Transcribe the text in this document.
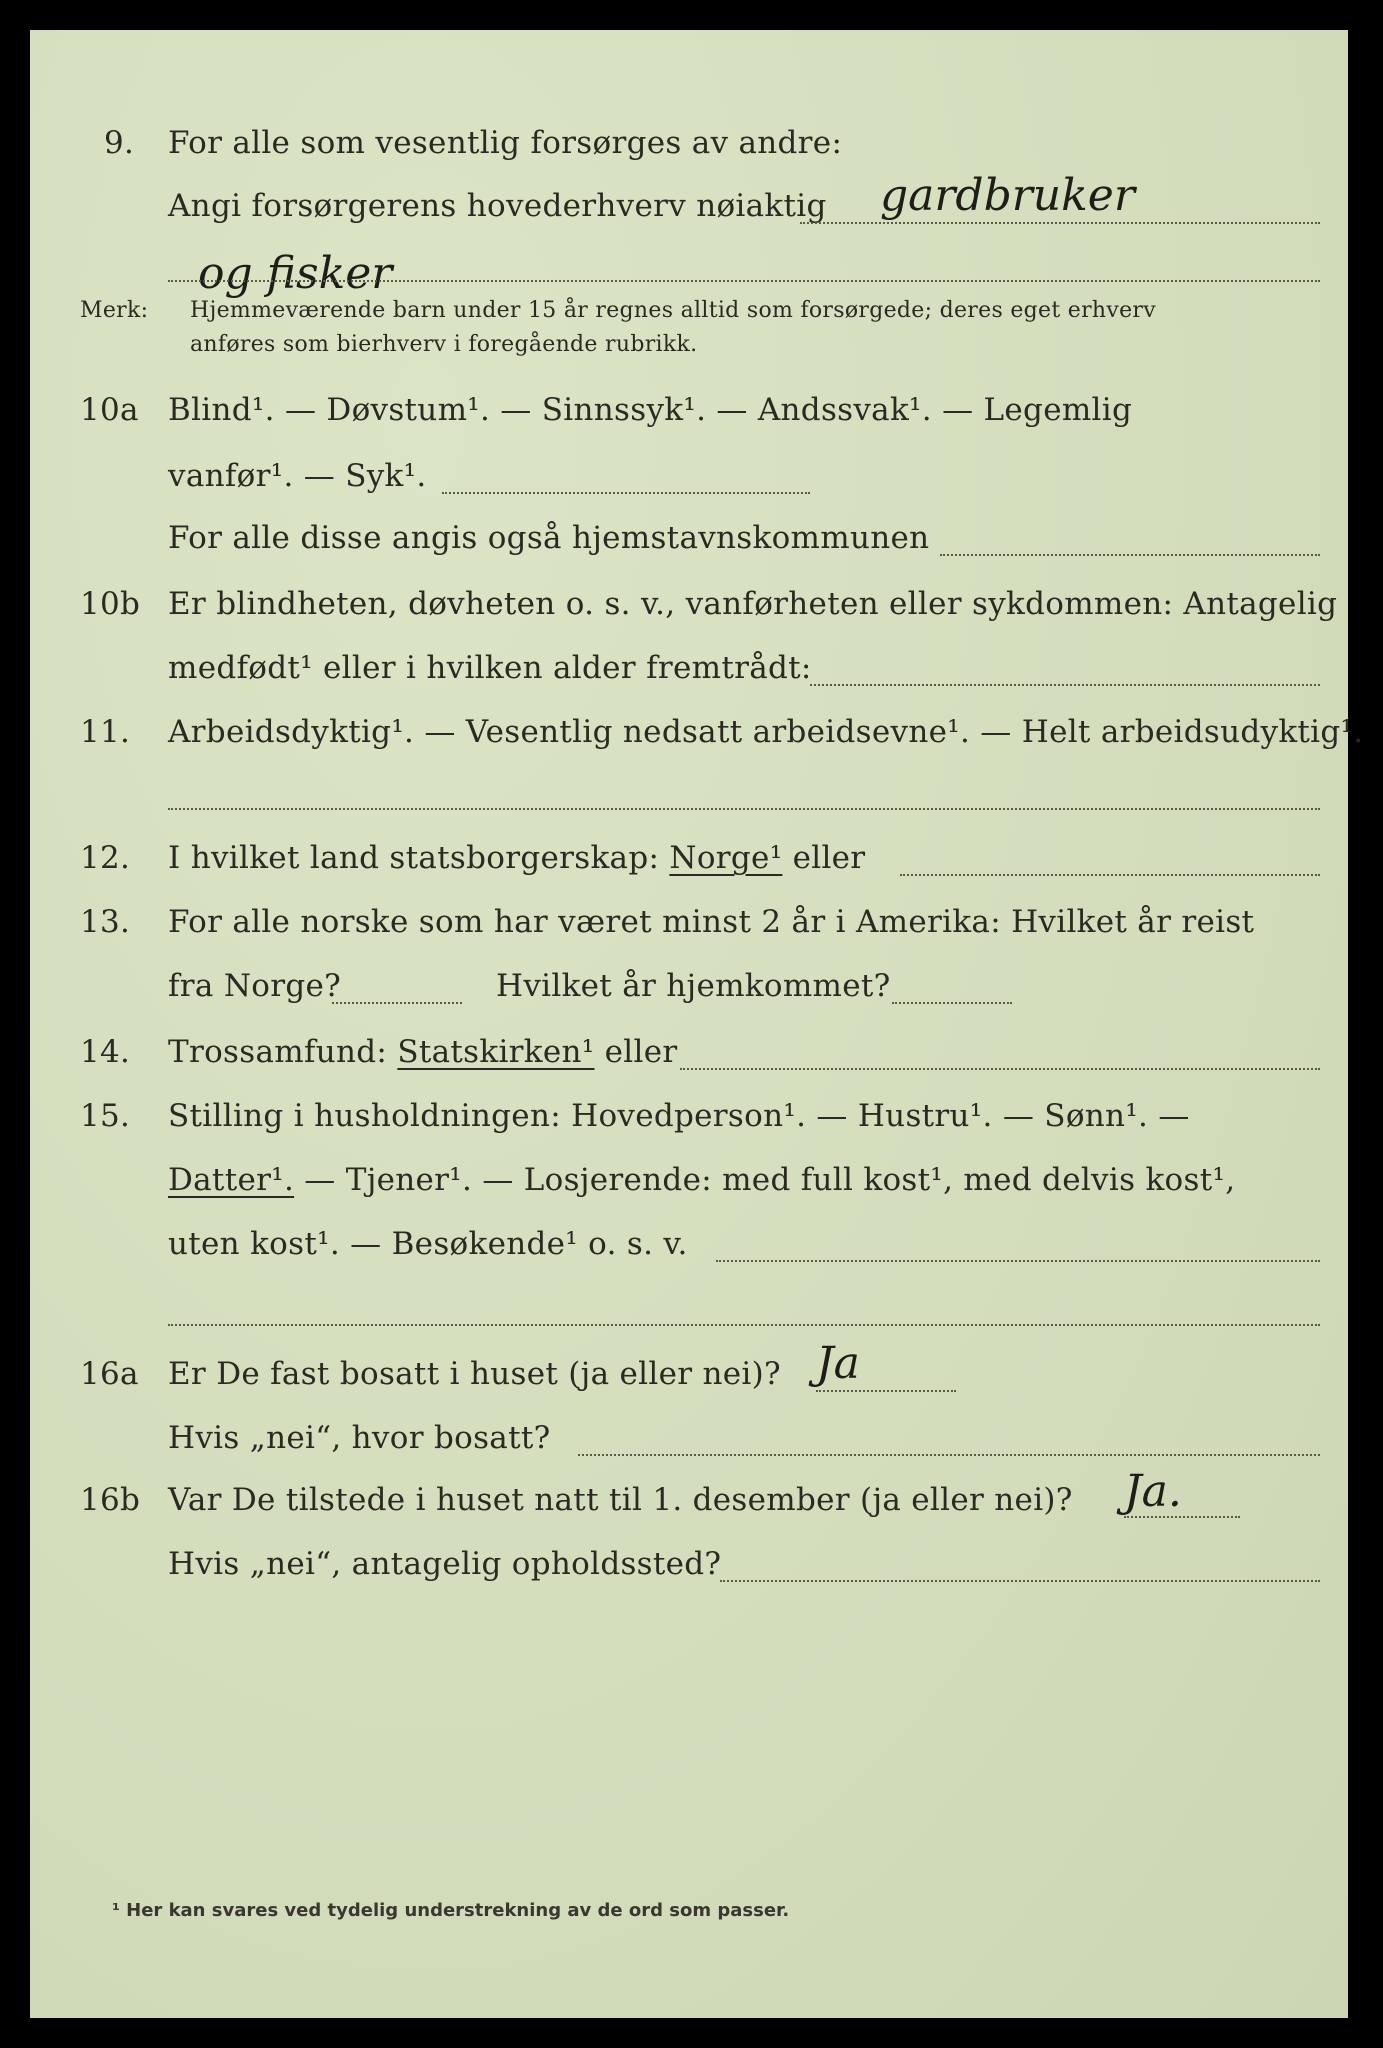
9. For alle som vesentlig forsørges av andre:
Angi forsørgerens hovederhverv nøiaktig gardbruker
og fisker
Merk: Hjemmeværende barn under 15 år regnes alltid som forsørgede; deres eget erhverv
anføres som bierhverv i foregående rubrikk.
10a Blind¹. — Døvstum¹. — Sinnssyk¹. — Andssvak¹. — Legemlig
vanfør¹. — Syk¹.
For alle disse angis også hjemstavnskommunen
10b Er blindheten, døvheten o. s. v., vanførheten eller sykdommen: Antagelig
medfødt¹ eller i hvilken alder fremtrådt:
11. Arbeidsdyktig¹. — Vesentlig nedsatt arbeidsevne¹. — Helt arbeidsudyktig¹.
12. I hvilket land statsborgerskap: Norge¹ eller
13. For alle norske som har været minst 2 år i Amerika: Hvilket år reist
fra Norge?	Hvilket år hjemkommet?
14. Trossamfund: Statskirken¹ eller
15. Stilling i husholdningen: Hovedperson¹. — Hustru¹. — Sønn¹. —
Datter¹. — Tjener¹. — Losjerende: med full kost¹, med delvis kost¹,
uten kost¹. — Besøkende¹ o. s. v.
16a Er De fast bosatt i huset (ja eller nei)? Ja
Hvis „nei“, hvor bosatt?
16b Var De tilstede i huset natt til 1. desember (ja eller nei)? Ja.
Hvis „nei“, antagelig opholdssted?
¹ Her kan svares ved tydelig understrekning av de ord som passer.
